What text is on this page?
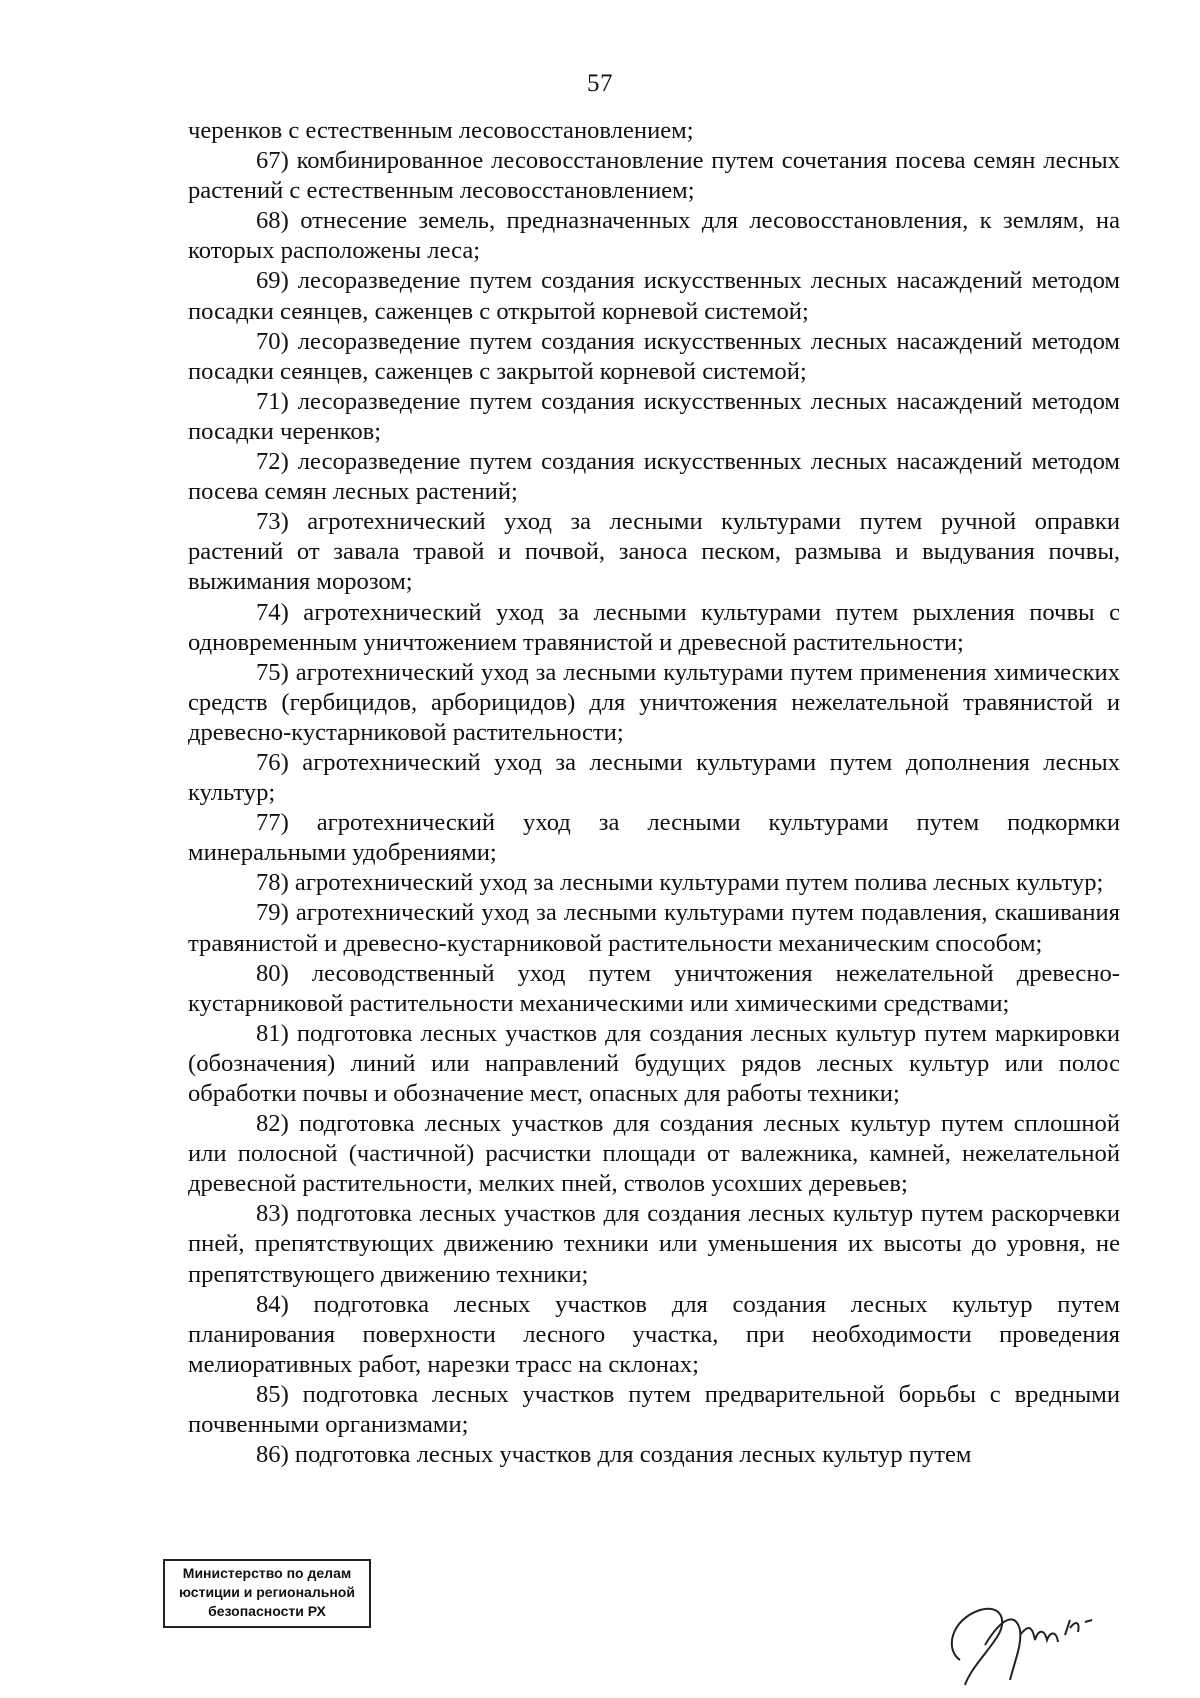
57

черенков с естественным лесовосстановлением;

67) комбинированное лесовосстановление путем сочетания посева семян лесных растений с естественным лесовосстановлением;

68) отнесение земель, предназначенных для лесовосстановления, к землям, на которых расположены леса;

69) лесоразведение путем создания искусственных лесных насаждений методом посадки сеянцев, саженцев с открытой корневой системой;

70) лесоразведение путем создания искусственных лесных насаждений методом посадки сеянцев, саженцев с закрытой корневой системой;

71) лесоразведение путем создания искусственных лесных насаждений методом посадки черенков;

72) лесоразведение путем создания искусственных лесных насаждений методом посева семян лесных растений;

73) агротехнический уход за лесными культурами путем ручной оправки растений от завала травой и почвой, заноса песком, размыва и выдувания почвы, выжимания морозом;

74) агротехнический уход за лесными культурами путем рыхления почвы с одновременным уничтожением травянистой и древесной растительности;

75) агротехнический уход за лесными культурами путем применения химических средств (гербицидов, арборицидов) для уничтожения нежелательной травянистой и древесно-кустарниковой растительности;

76) агротехнический уход за лесными культурами путем дополнения лесных культур;

77) агротехнический уход за лесными культурами путем подкормки минеральными удобрениями;

78) агротехнический уход за лесными культурами путем полива лесных культур;

79) агротехнический уход за лесными культурами путем подавления, скашивания травянистой и древесно-кустарниковой растительности механическим способом;

80) лесоводственный уход путем уничтожения нежелательной древесно-кустарниковой растительности механическими или химическими средствами;

81) подготовка лесных участков для создания лесных культур путем маркировки (обозначения) линий или направлений будущих рядов лесных культур или полос обработки почвы и обозначение мест, опасных для работы техники;

82) подготовка лесных участков для создания лесных культур путем сплошной или полосной (частичной) расчистки площади от валежника, камней, нежелательной древесной растительности, мелких пней, стволов усохших деревьев;

83) подготовка лесных участков для создания лесных культур путем раскорчевки пней, препятствующих движению техники или уменьшения их высоты до уровня, не препятствующего движению техники;

84) подготовка лесных участков для создания лесных культур путем планирования поверхности лесного участка, при необходимости проведения мелиоративных работ, нарезки трасс на склонах;

85) подготовка лесных участков путем предварительной борьбы с вредными почвенными организмами;

86) подготовка лесных участков для создания лесных культур путем

Министерство по делам
юстиции и региональной
безопасности РХ
